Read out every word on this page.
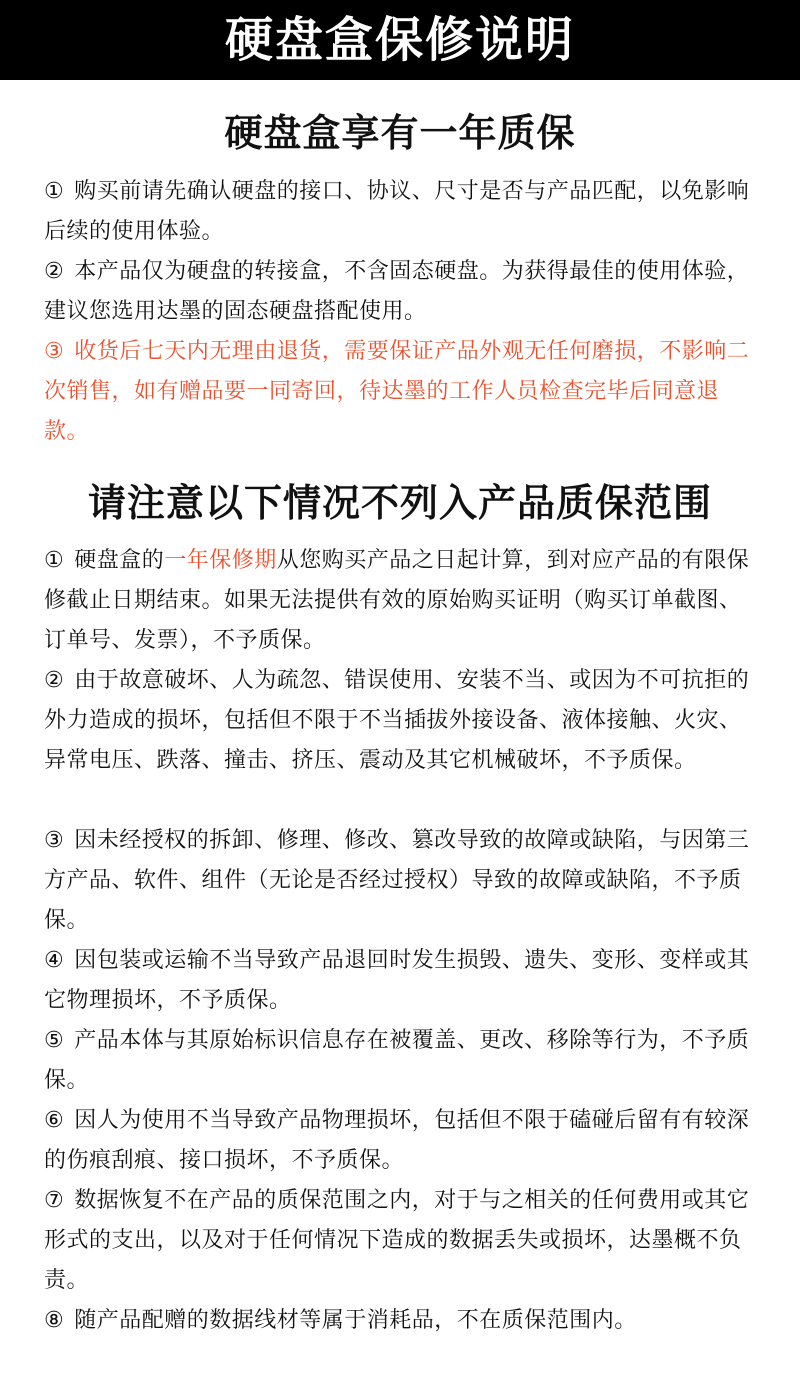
硬盘盒保修说明
硬盘盒享有一年质保
① 购买前请先确认硬盘的接口、协议、尺寸是否与产品匹配，以免影响后续的使用体验。
② 本产品仅为硬盘的转接盒，不含固态硬盘。为获得最佳的使用体验，建议您选用达墨的固态硬盘搭配使用。
③ 收货后七天内无理由退货，需要保证产品外观无任何磨损，不影响二次销售，如有赠品要一同寄回，待达墨的工作人员检查完毕后同意退款。
请注意以下情况不列入产品质保范围
① 硬盘盒的一年保修期从您购买产品之日起计算，到对应产品的有限保修截止日期结束。如果无法提供有效的原始购买证明（购买订单截图、订单号、发票），不予质保。
② 由于故意破坏、人为疏忽、错误使用、安装不当、或因为不可抗拒的外力造成的损坏，包括但不限于不当插拔外接设备、液体接触、火灾、异常电压、跌落、撞击、挤压、震动及其它机械破坏，不予质保。
③ 因未经授权的拆卸、修理、修改、篡改导致的故障或缺陷，与因第三方产品、软件、组件（无论是否经过授权）导致的故障或缺陷，不予质保。
④ 因包装或运输不当导致产品退回时发生损毁、遗失、变形、变样或其它物理损坏，不予质保。
⑤ 产品本体与其原始标识信息存在被覆盖、更改、移除等行为，不予质保。
⑥ 因人为使用不当导致产品物理损坏，包括但不限于磕碰后留有有较深的伤痕刮痕、接口损坏，不予质保。
⑦ 数据恢复不在产品的质保范围之内，对于与之相关的任何费用或其它形式的支出，以及对于任何情况下造成的数据丢失或损坏，达墨概不负责。
⑧ 随产品配赠的数据线材等属于消耗品，不在质保范围内。
